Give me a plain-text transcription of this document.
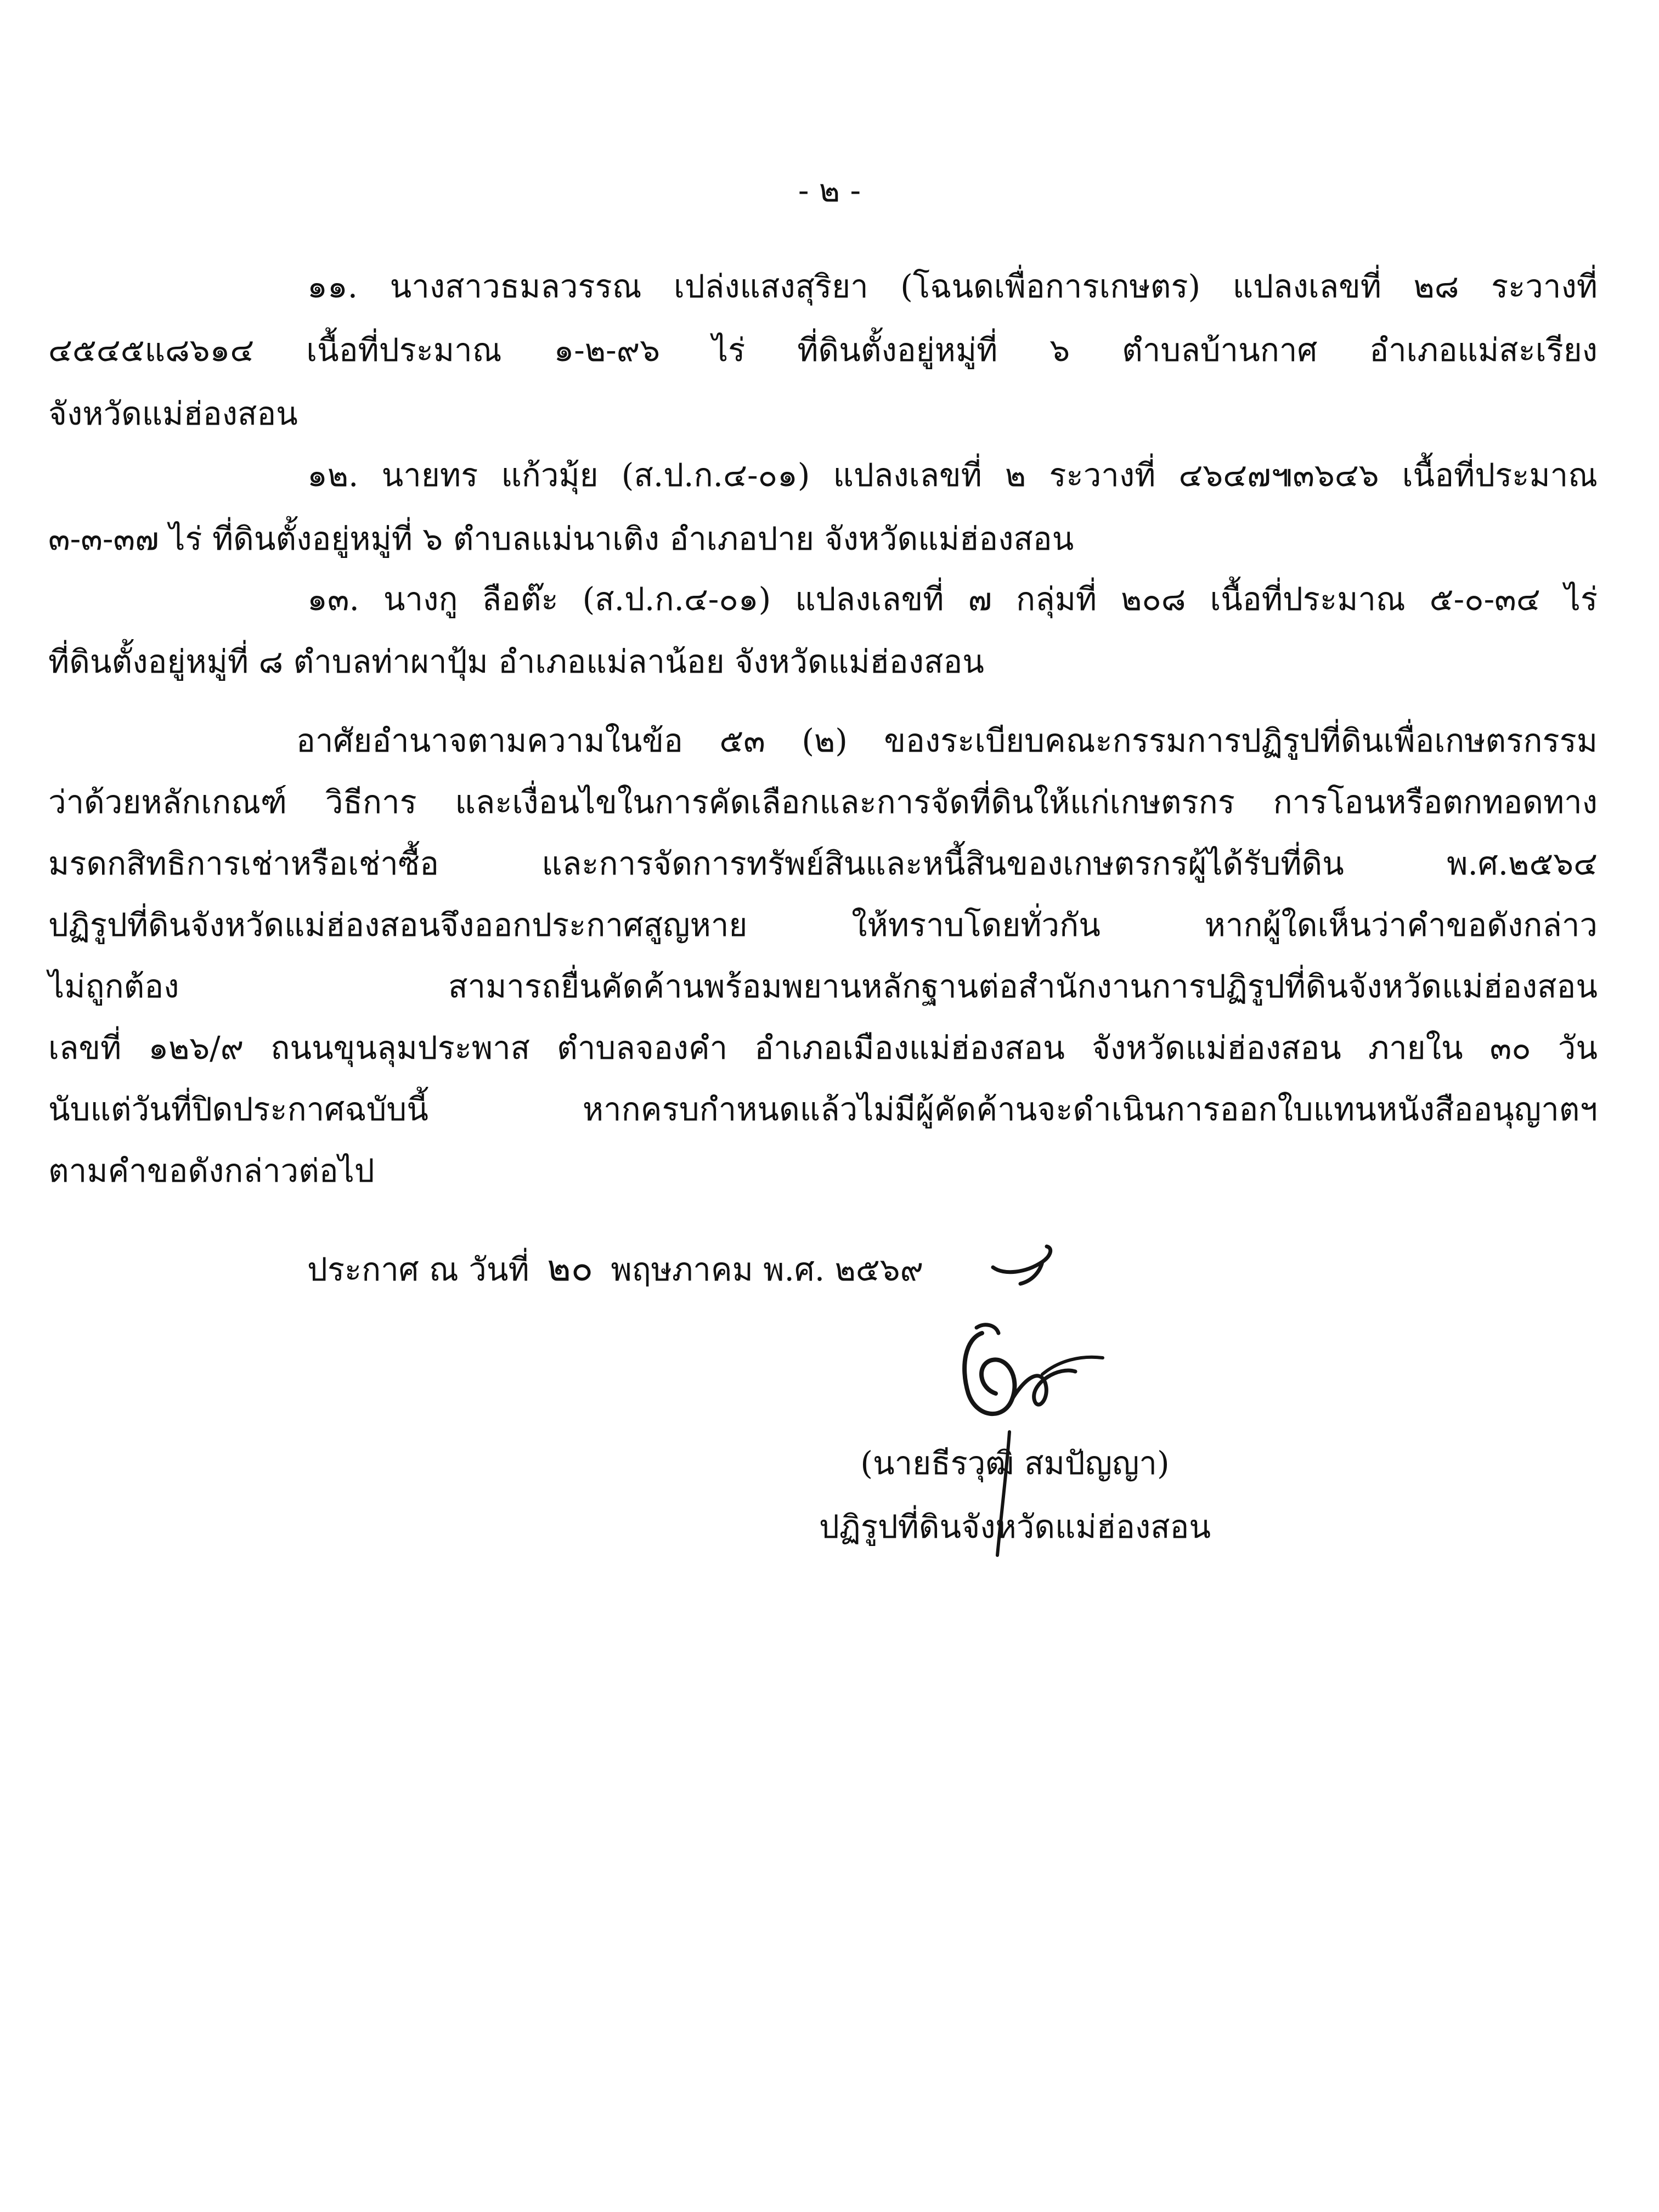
- ๒ -
๑๑. นางสาวธมลวรรณ เปล่งแสงสุริยา (โฉนดเพื่อการเกษตร) แปลงเลขที่ ๒๘ ระวางที่
๔๕๔๕แ๘๖๑๔ เนื้อที่ประมาณ ๑-๒-๙๖ ไร่ ที่ดินตั้งอยู่หมู่ที่ ๖ ตำบลบ้านกาศ อำเภอแม่สะเรียง
จังหวัดแม่ฮ่องสอน
๑๒. นายทร แก้วมุ้ย (ส.ป.ก.๔-๐๑) แปลงเลขที่ ๒ ระวางที่ ๔๖๔๗๚๓๖๔๖ เนื้อที่ประมาณ
๓-๓-๓๗ ไร่ ที่ดินตั้งอยู่หมู่ที่ ๖ ตำบลแม่นาเติง อำเภอปาย จังหวัดแม่ฮ่องสอน
๑๓. นางกู ลือต๊ะ (ส.ป.ก.๔-๐๑) แปลงเลขที่ ๗ กลุ่มที่ ๒๐๘ เนื้อที่ประมาณ ๕-๐-๓๔ ไร่
ที่ดินตั้งอยู่หมู่ที่ ๘ ตำบลท่าผาปุ้ม อำเภอแม่ลาน้อย จังหวัดแม่ฮ่องสอน
อาศัยอำนาจตามความในข้อ ๕๓ (๒) ของระเบียบคณะกรรมการปฏิรูปที่ดินเพื่อเกษตรกรรม
ว่าด้วยหลักเกณฑ์ วิธีการ และเงื่อนไขในการคัดเลือกและการจัดที่ดินให้แก่เกษตรกร การโอนหรือตกทอดทาง
มรดกสิทธิการเช่าหรือเช่าซื้อ และการจัดการทรัพย์สินและหนี้สินของเกษตรกรผู้ได้รับที่ดิน พ.ศ.๒๕๖๔
ปฏิรูปที่ดินจังหวัดแม่ฮ่องสอนจึงออกประกาศสูญหาย ให้ทราบโดยทั่วกัน หากผู้ใดเห็นว่าคำขอดังกล่าว
ไม่ถูกต้อง สามารถยื่นคัดค้านพร้อมพยานหลักฐานต่อสำนักงานการปฏิรูปที่ดินจังหวัดแม่ฮ่องสอน
เลขที่ ๑๒๖/๙ ถนนขุนลุมประพาส ตำบลจองคำ อำเภอเมืองแม่ฮ่องสอน จังหวัดแม่ฮ่องสอน ภายใน ๓๐ วัน
นับแต่วันที่ปิดประกาศฉบับนี้ หากครบกำหนดแล้วไม่มีผู้คัดค้านจะดำเนินการออกใบแทนหนังสืออนุญาตฯ
ตามคำขอดังกล่าวต่อไป
ประกาศ ณ วันที่ ๒๐ พฤษภาคม พ.ศ. ๒๕๖๙
(นายธีรวุฒิ สมปัญญา)
ปฏิรูปที่ดินจังหวัดแม่ฮ่องสอน
